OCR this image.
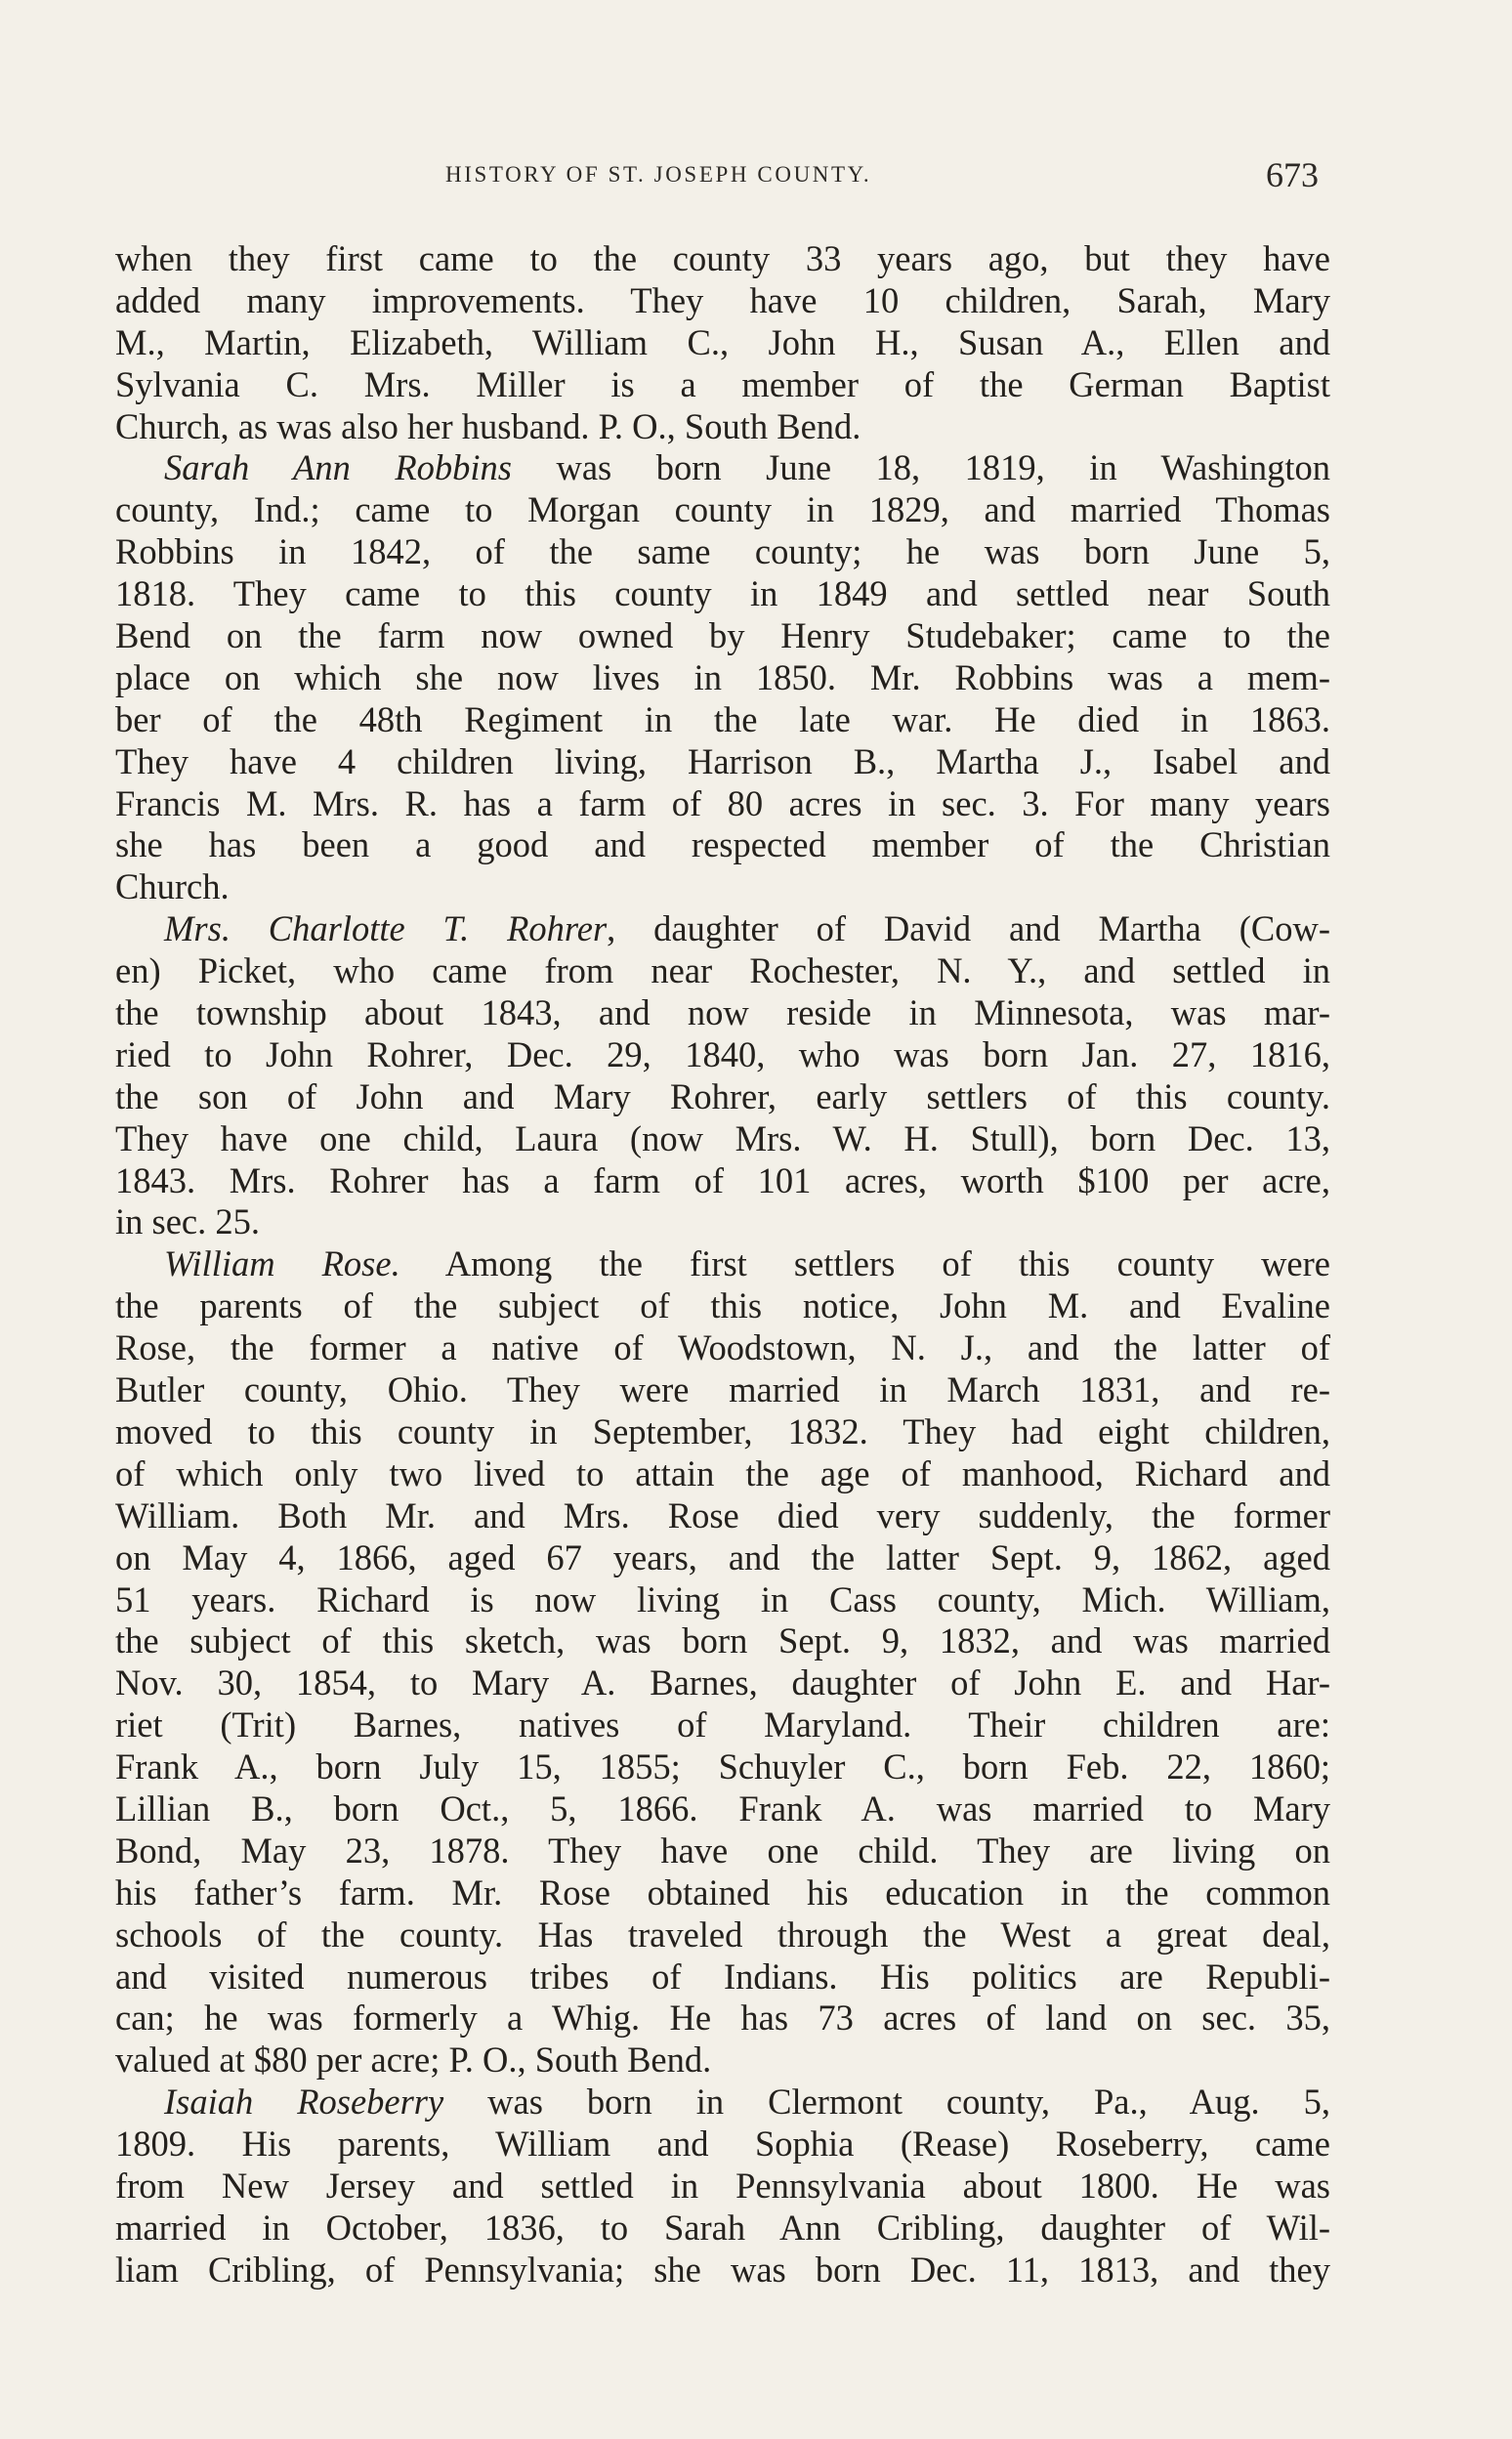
HISTORY OF ST. JOSEPH COUNTY.	673
when they first came to the county 33 years ago, but they have
added many improvements. They have 10 children, Sarah, Mary
M., Martin, Elizabeth, William C., John H., Susan A., Ellen and
Sylvania C. Mrs. Miller is a member of the German Baptist
Church, as was also her husband. P. O., South Bend.
Sarah Ann Robbins was born June 18, 1819, in Washington
county, Ind.; came to Morgan county in 1829, and married Thomas
Robbins in 1842, of the same county; he was born June 5,
1818. They came to this county in 1849 and settled near South
Bend on the farm now owned by Henry Studebaker; came to the
place on which she now lives in 1850. Mr. Robbins was a mem-
ber of the 48th Regiment in the late war. He died in 1863.
They have 4 children living, Harrison B., Martha J., Isabel and
Francis M. Mrs. R. has a farm of 80 acres in sec. 3. For many years
she has been a good and respected member of the Christian
Church.
Mrs. Charlotte T. Rohrer, daughter of David and Martha (Cow-
en) Picket, who came from near Rochester, N. Y., and settled in
the township about 1843, and now reside in Minnesota, was mar-
ried to John Rohrer, Dec. 29, 1840, who was born Jan. 27, 1816,
the son of John and Mary Rohrer, early settlers of this county.
They have one child, Laura (now Mrs. W. H. Stull), born Dec. 13,
1843. Mrs. Rohrer has a farm of 101 acres, worth $100 per acre,
in sec. 25.
William Rose. Among the first settlers of this county were
the parents of the subject of this notice, John M. and Evaline
Rose, the former a native of Woodstown, N. J., and the latter of
Butler county, Ohio. They were married in March 1831, and re-
moved to this county in September, 1832. They had eight children,
of which only two lived to attain the age of manhood, Richard and
William. Both Mr. and Mrs. Rose died very suddenly, the former
on May 4, 1866, aged 67 years, and the latter Sept. 9, 1862, aged
51 years. Richard is now living in Cass county, Mich. William,
the subject of this sketch, was born Sept. 9, 1832, and was married
Nov. 30, 1854, to Mary A. Barnes, daughter of John E. and Har-
riet (Trit) Barnes, natives of Maryland. Their children are:
Frank A., born July 15, 1855; Schuyler C., born Feb. 22, 1860;
Lillian B., born Oct., 5, 1866. Frank A. was married to Mary
Bond, May 23, 1878. They have one child. They are living on
his father’s farm. Mr. Rose obtained his education in the common
schools of the county. Has traveled through the West a great deal,
and visited numerous tribes of Indians. His politics are Republi-
can; he was formerly a Whig. He has 73 acres of land on sec. 35,
valued at $80 per acre; P. O., South Bend.
Isaiah Roseberry was born in Clermont county, Pa., Aug. 5,
1809. His parents, William and Sophia (Rease) Roseberry, came
from New Jersey and settled in Pennsylvania about 1800. He was
married in October, 1836, to Sarah Ann Cribling, daughter of Wil-
liam Cribling, of Pennsylvania; she was born Dec. 11, 1813, and they
